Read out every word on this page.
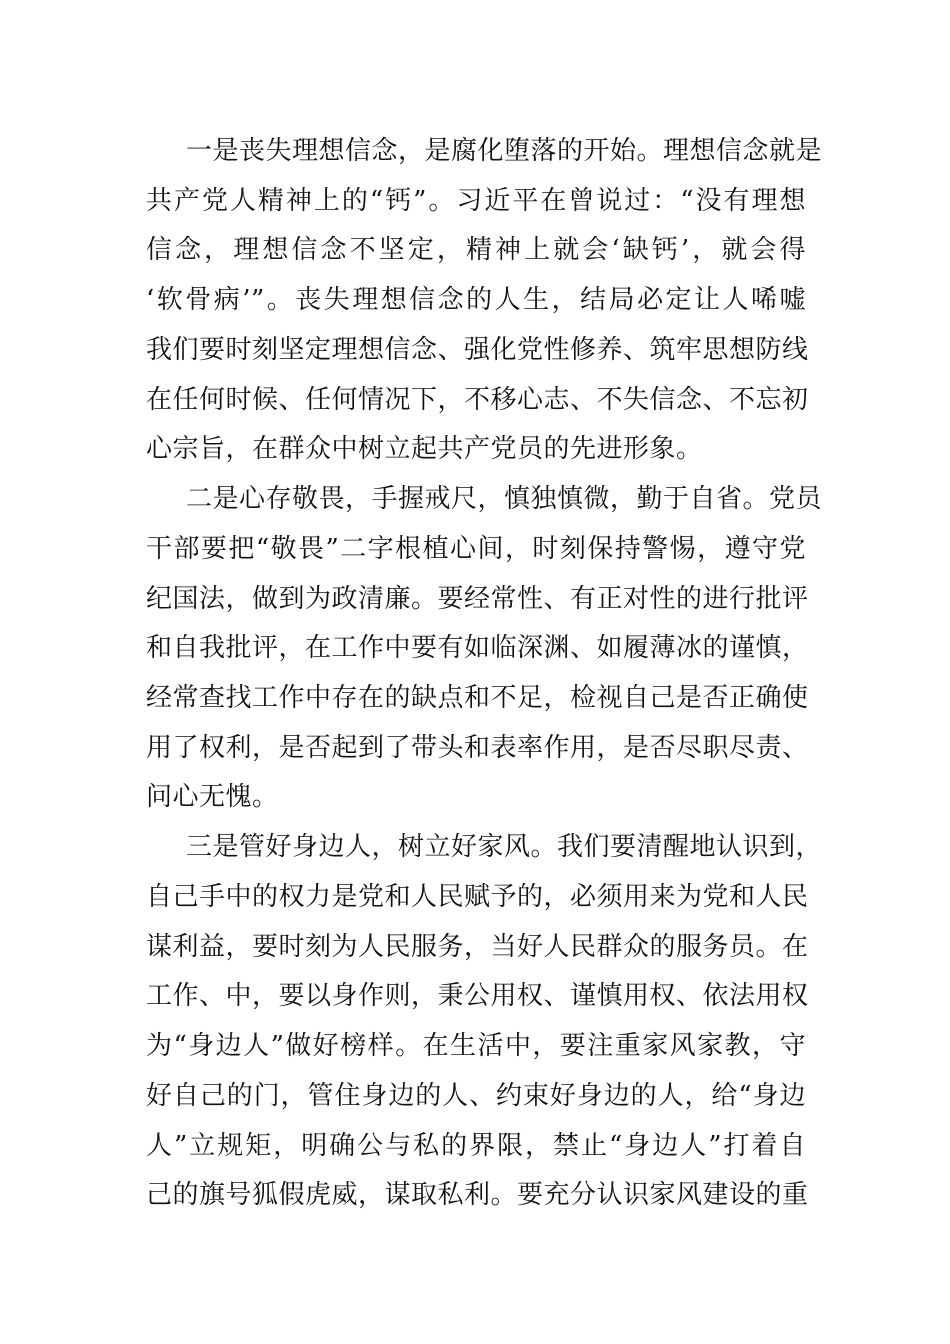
一是丧失理想信念，是腐化堕落的开始。理想信念就是
共产党人精神上的“钙”。习近平在曾说过：“没有理想
信念，理想信念不坚定，精神上就会‘缺钙’，就会得
‘软骨病’”。丧失理想信念的人生，结局必定让人唏嘘
我们要时刻坚定理想信念、强化党性修养、筑牢思想防线
在任何时候、任何情况下，不移心志、不失信念、不忘初
心宗旨，在群众中树立起共产党员的先进形象。
二是心存敬畏，手握戒尺，慎独慎微，勤于自省。党员
干部要把“敬畏”二字根植心间，时刻保持警惕，遵守党
纪国法，做到为政清廉。要经常性、有正对性的进行批评
和自我批评，在工作中要有如临深渊、如履薄冰的谨慎，
经常查找工作中存在的缺点和不足，检视自己是否正确使
用了权利，是否起到了带头和表率作用，是否尽职尽责、
问心无愧。
三是管好身边人，树立好家风。我们要清醒地认识到，
自己手中的权力是党和人民赋予的，必须用来为党和人民
谋利益，要时刻为人民服务，当好人民群众的服务员。在
工作、中，要以身作则，秉公用权、谨慎用权、依法用权
为“身边人”做好榜样。在生活中，要注重家风家教，守
好自己的门，管住身边的人、约束好身边的人，给“身边
人”立规矩，明确公与私的界限，禁止“身边人”打着自
己的旗号狐假虎威，谋取私利。要充分认识家风建设的重
